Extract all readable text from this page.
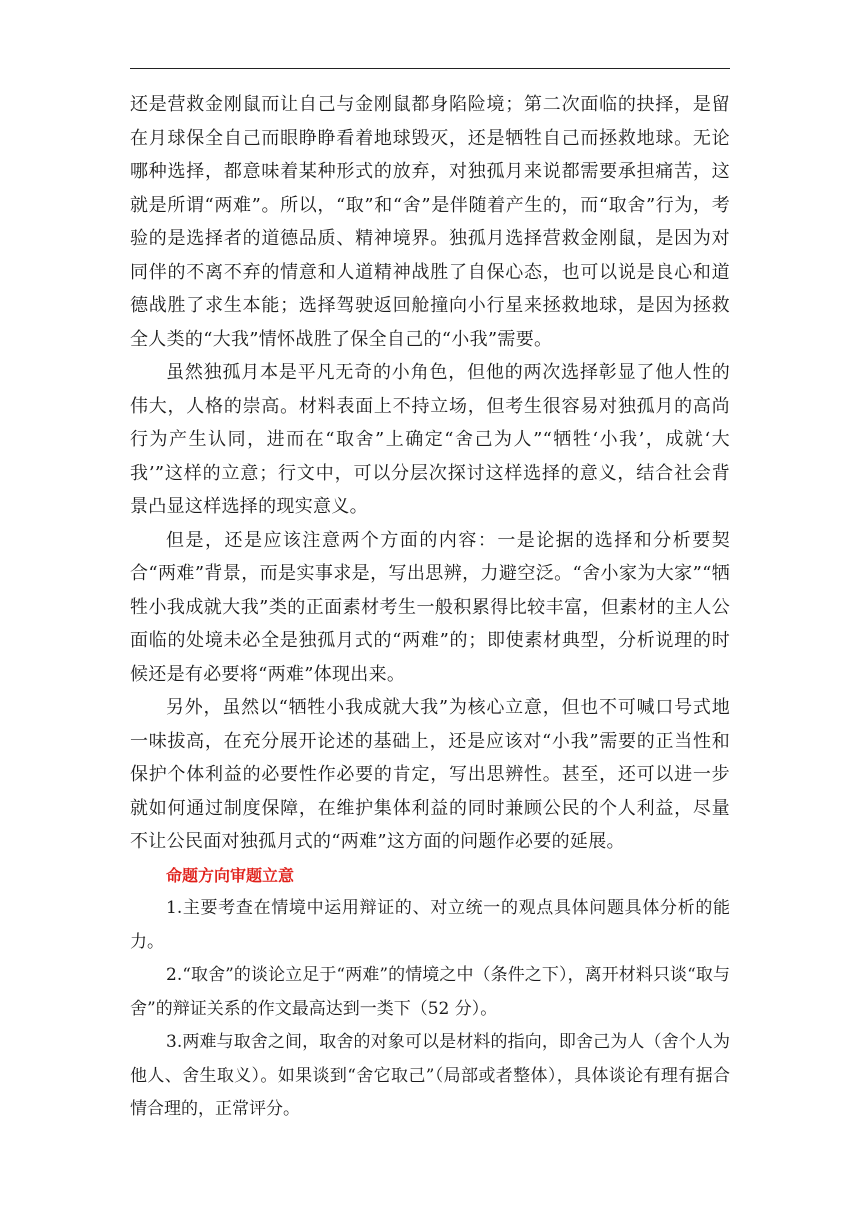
还是营救金刚鼠而让自己与金刚鼠都身陷险境；第二次面临的抉择，是留在月球保全自己而眼睁睁看着地球毁灭，还是牺牲自己而拯救地球。无论哪种选择，都意味着某种形式的放弃，对独孤月来说都需要承担痛苦，这就是所谓“两难”。所以，“取”和“舍”是伴随着产生的，而“取舍”行为，考验的是选择者的道德品质、精神境界。独孤月选择营救金刚鼠，是因为对同伴的不离不弃的情意和人道精神战胜了自保心态，也可以说是良心和道德战胜了求生本能；选择驾驶返回舱撞向小行星来拯救地球，是因为拯救全人类的“大我”情怀战胜了保全自己的“小我”需要。

虽然独孤月本是平凡无奇的小角色，但他的两次选择彰显了他人性的伟大，人格的崇高。材料表面上不持立场，但考生很容易对独孤月的高尚行为产生认同，进而在“取舍”上确定“舍己为人”“牺牲‘小我’，成就‘大我’”这样的立意；行文中，可以分层次探讨这样选择的意义，结合社会背景凸显这样选择的现实意义。

但是，还是应该注意两个方面的内容：一是论据的选择和分析要契合“两难”背景，而是实事求是，写出思辨，力避空泛。“舍小家为大家”“牺牲小我成就大我”类的正面素材考生一般积累得比较丰富，但素材的主人公面临的处境未必全是独孤月式的“两难”的；即使素材典型，分析说理的时候还是有必要将“两难”体现出来。

另外，虽然以“牺牲小我成就大我”为核心立意，但也不可喊口号式地一味拔高，在充分展开论述的基础上，还是应该对“小我”需要的正当性和保护个体利益的必要性作必要的肯定，写出思辨性。甚至，还可以进一步就如何通过制度保障，在维护集体利益的同时兼顾公民的个人利益，尽量不让公民面对独孤月式的“两难”这方面的问题作必要的延展。

命题方向审题立意

1.主要考查在情境中运用辩证的、对立统一的观点具体问题具体分析的能力。

2.“取舍”的谈论立足于“两难”的情境之中（条件之下），离开材料只谈“取与舍”的辩证关系的作文最高达到一类下（52 分）。

3.两难与取舍之间，取舍的对象可以是材料的指向，即舍己为人（舍个人为他人、舍生取义）。如果谈到“舍它取己”（局部或者整体），具体谈论有理有据合情合理的，正常评分。
